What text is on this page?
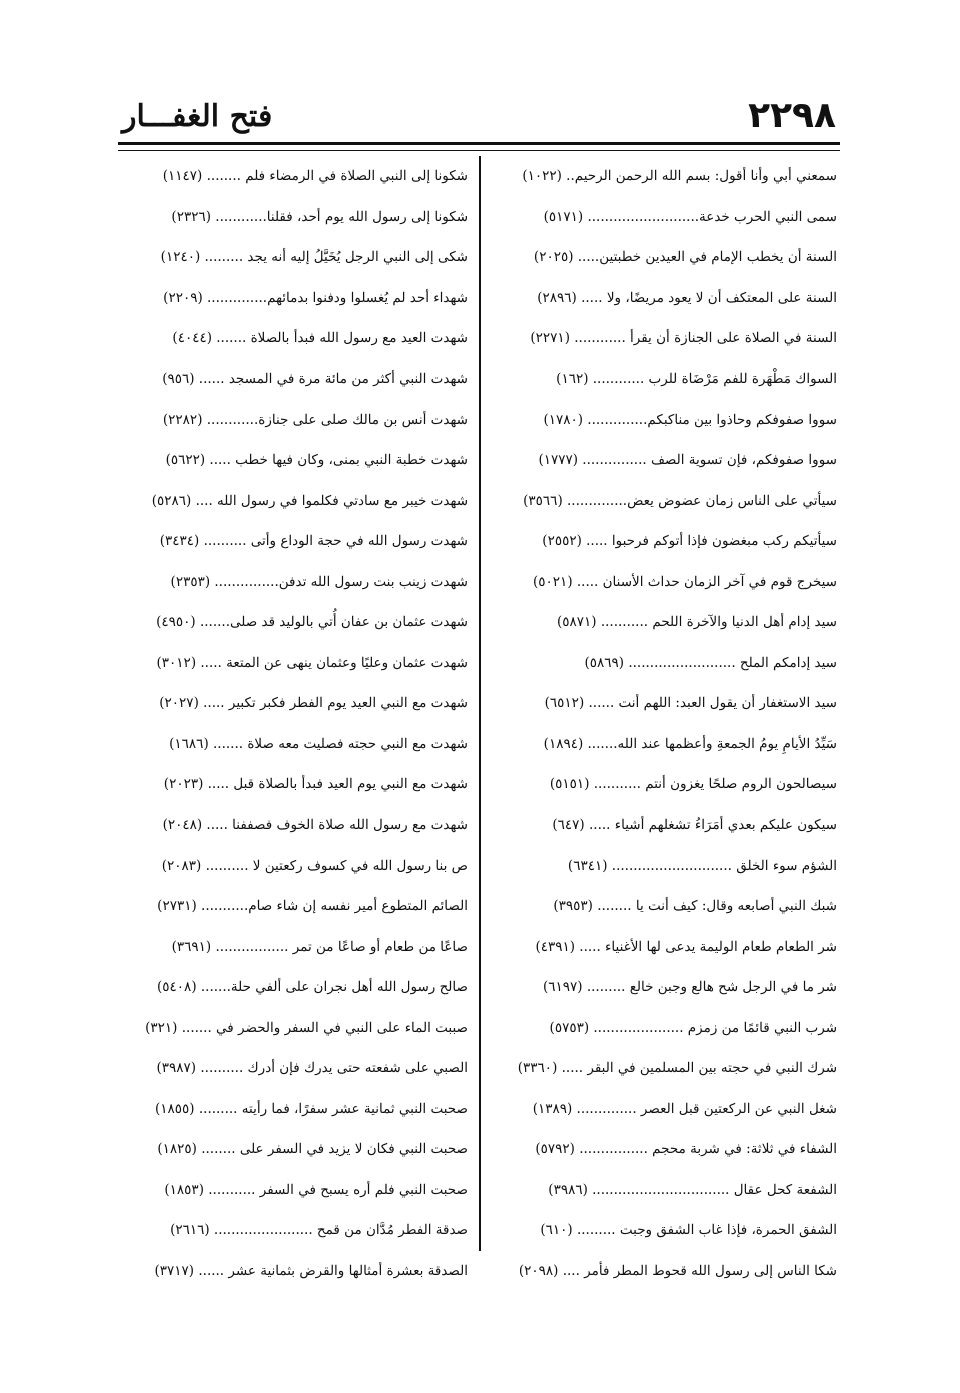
٢٢٩٨
فتح الغفـــار
سمعني أبي وأنا أقول: بسم الله الرحمن الرحيم.. (١٠٢٢)
سمى النبي الحرب خدعة.......................... (٥١٧١)
السنة أن يخطب الإمام في العيدين خطبتين..... (٢٠٢٥)
السنة على المعتكف أن لا يعود مريضًا، ولا ..... (٢٨٩٦)
السنة في الصلاة على الجنازة أن يقرأ ............ (٢٢٧١)
السواك مَطْهَرة للفم مَرْضَاة للرب ............ (١٦٢)
سووا صفوفكم وحاذوا بين مناكبكم.............. (١٧٨٠)
سووا صفوفكم، فإن تسوية الصف ............... (١٧٧٧)
سيأتي على الناس زمان عضوض يعض.............. (٣٥٦٦)
سيأتيكم ركب مبغضون فإذا أتوكم فرحبوا ..... (٢٥٥٢)
سيخرج قوم في آخر الزمان حداث الأسنان ..... (٥٠٢١)
سيد إدام أهل الدنيا والآخرة اللحم ........... (٥٨٧١)
سيد إدامكم الملح ......................... (٥٨٦٩)
سيد الاستغفار أن يقول العبد: اللهم أنت ...... (٦٥١٢)
سَيِّدُ الأيامِ يومُ الجمعةِ وأعظمها عند الله....... (١٨٩٤)
سيصالحون الروم صلحًا يغزون أنتم ........... (٥١٥١)
سيكون عليكم بعدي أمَرَاءُ تشغلهم أشياء ..... (٦٤٧)
الشؤم سوء الخلق ............................ (٦٣٤١)
شبك النبي أصابعه وقال: كيف أنت يا ........ (٣٩٥٣)
شر الطعام طعام الوليمة يدعى لها الأغنياء ..... (٤٣٩١)
شر ما في الرجل شح هالع وجبن خالع ......... (٦١٩٧)
شرب النبي قائمًا من زمزم ..................... (٥٧٥٣)
شرك النبي في حجته بين المسلمين في البقر ..... (٣٣٦٠)
شغل النبي عن الركعتين قبل العصر .............. (١٣٨٩)
الشفاء في ثلاثة: في شربة محجم ................ (٥٧٩٢)
الشفعة كحل عقال ................................ (٣٩٨٦)
الشفق الحمرة، فإذا غاب الشفق وجبت ......... (٦١٠)
شكا الناس إلى رسول الله قحوط المطر فأمر .... (٢٠٩٨)
شكونا إلى النبي الصلاة في الرمضاء فلم ........ (١١٤٧)
شكونا إلى رسول الله يوم أحد، فقلنا............ (٢٣٢٦)
شكى إلى النبي الرجل يُخَيَّلُ إليه أنه يجد ......... (١٢٤٠)
شهداء أحد لم يُغسلوا ودفنوا بدمائهم.............. (٢٢٠٩)
شهدت العيد مع رسول الله فبدأ بالصلاة ....... (٤٠٤٤)
شهدت النبي أكثر من مائة مرة في المسجد ...... (٩٥٦)
شهدت أنس بن مالك صلى على جنازة............ (٢٢٨٢)
شهدت خطبة النبي بمنى، وكان فيها خطب ..... (٥٦٢٢)
شهدت خيبر مع سادتي فكلموا في رسول الله .... (٥٢٨٦)
شهدت رسول الله في حجة الوداع وأتى .......... (٣٤٣٤)
شهدت زينب بنت رسول الله تدفن............... (٢٣٥٣)
شهدت عثمان بن عفان أُتي بالوليد قد صلى....... (٤٩٥٠)
شهدت عثمان وعليًا وعثمان ينهى عن المتعة ..... (٣٠١٢)
شهدت مع النبي العيد يوم الفطر فكبر تكبير ..... (٢٠٢٧)
شهدت مع النبي حجته فصليت معه صلاة ....... (١٦٨٦)
شهدت مع النبي يوم العيد فبدأ بالصلاة قبل ..... (٢٠٢٣)
شهدت مع رسول الله صلاة الخوف فصففنا ..... (٢٠٤٨)
ص بنا رسول الله في كسوف ركعتين لا .......... (٢٠٨٣)
الصائم المتطوع أمير نفسه إن شاء صام........... (٢٧٣١)
صاعًا من طعام أو صاعًا من تمر ................. (٣٦٩١)
صالح رسول الله أهل نجران على ألفي حلة....... (٥٤٠٨)
صببت الماء على النبي في السفر والحضر في ....... (٣٢١)
الصبي على شفعته حتى يدرك فإن أدرك .......... (٣٩٨٧)
صحبت النبي ثمانية عشر سفرًا، فما رأيته ......... (١٨٥٥)
صحبت النبي فكان لا يزيد في السفر على ........ (١٨٢٥)
صحبت النبي فلم أره يسبح في السفر ........... (١٨٥٣)
صدقة الفطر مُدَّان من قمح ....................... (٢٦١٦)
الصدقة بعشرة أمثالها والقرض بثمانية عشر ...... (٣٧١٧)
